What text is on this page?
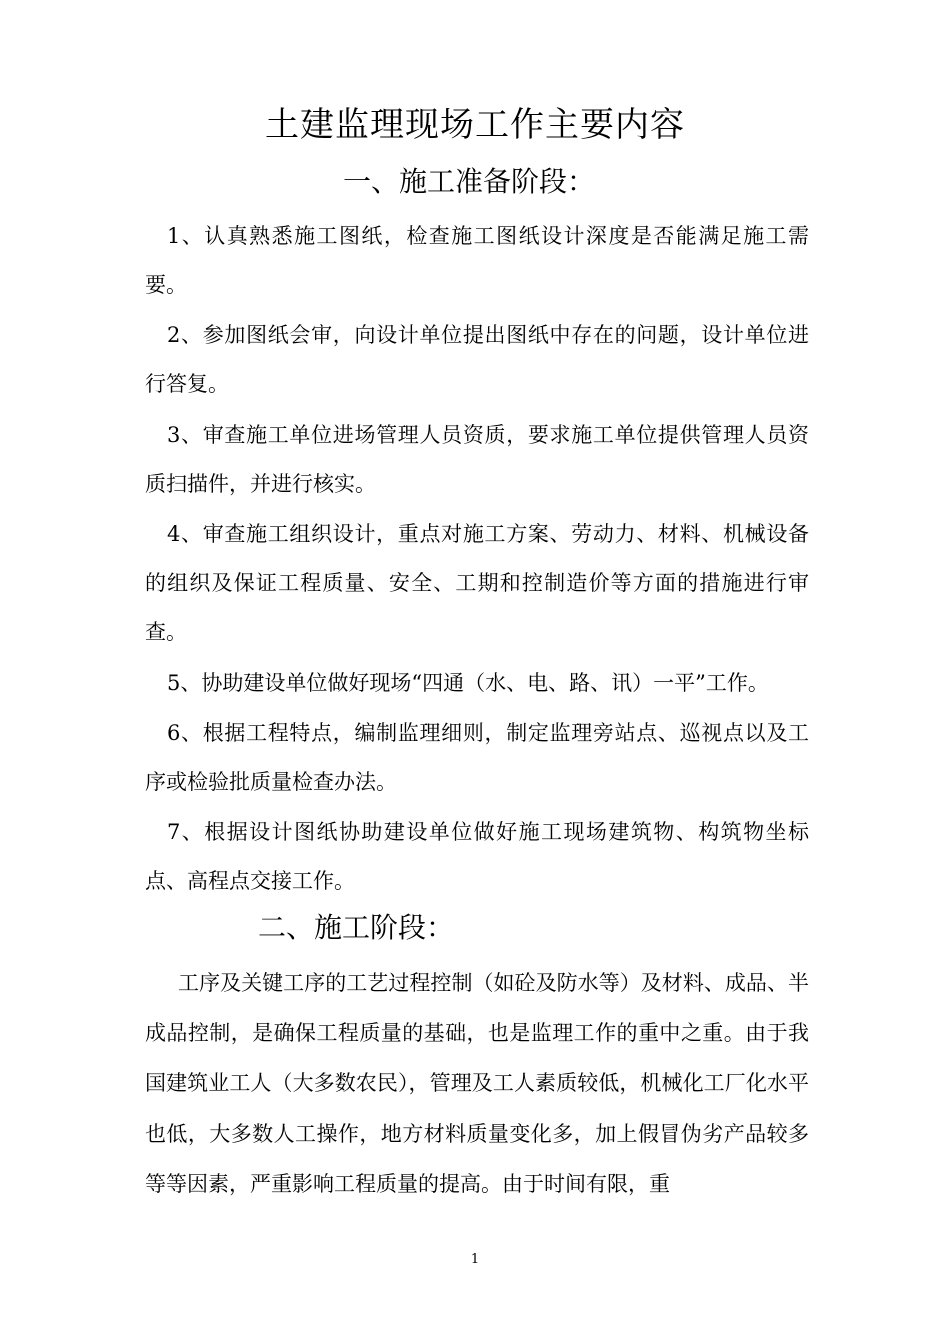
土建监理现场工作主要内容
一、施工准备阶段：

1、认真熟悉施工图纸，检查施工图纸设计深度是否能满足施工需要。

2、参加图纸会审，向设计单位提出图纸中存在的问题，设计单位进行答复。

3、审查施工单位进场管理人员资质，要求施工单位提供管理人员资质扫描件，并进行核实。

4、审查施工组织设计，重点对施工方案、劳动力、材料、机械设备的组织及保证工程质量、安全、工期和控制造价等方面的措施进行审查。

5、协助建设单位做好现场“四通（水、电、路、讯）一平”工作。

6、根据工程特点，编制监理细则，制定监理旁站点、巡视点以及工序或检验批质量检查办法。

7、根据设计图纸协助建设单位做好施工现场建筑物、构筑物坐标点、高程点交接工作。

二、施工阶段：

工序及关键工序的工艺过程控制（如砼及防水等）及材料、成品、半成品控制，是确保工程质量的基础，也是监理工作的重中之重。由于我国建筑业工人（大多数农民），管理及工人素质较低，机械化工厂化水平也低，大多数人工操作，地方材料质量变化多，加上假冒伪劣产品较多等等因素，严重影响工程质量的提高。由于时间有限，重

1
